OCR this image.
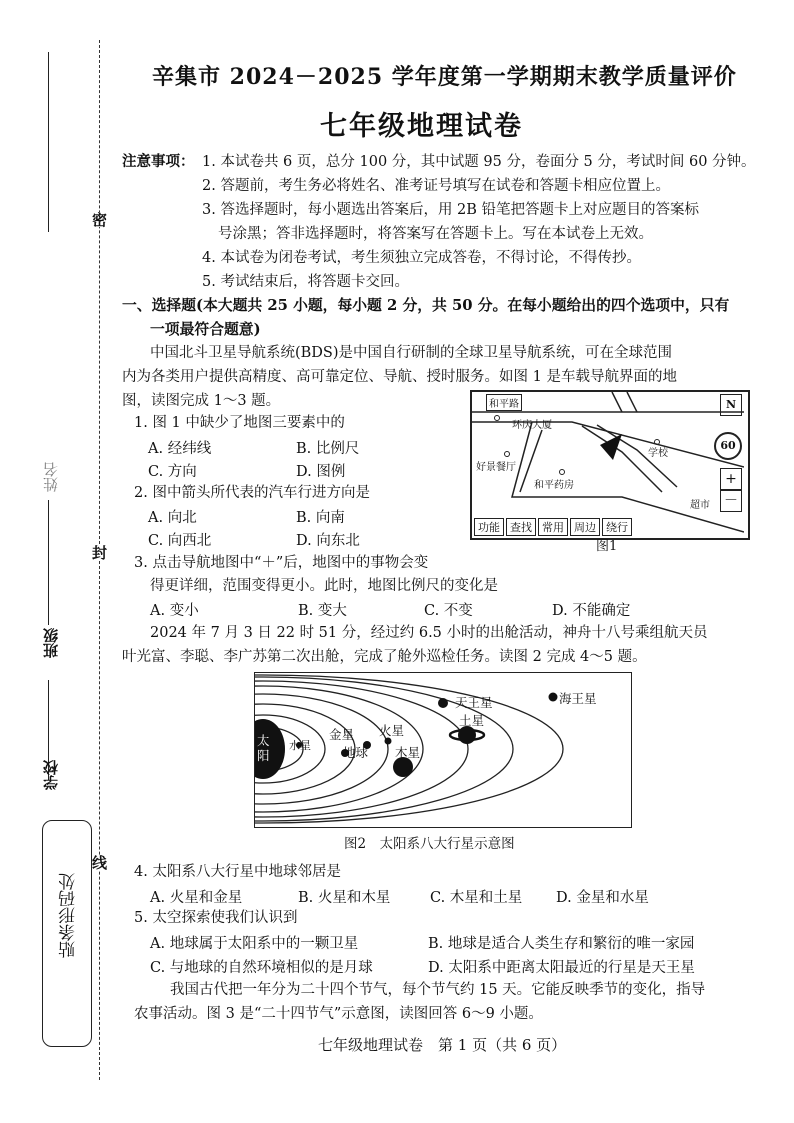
密
封
线
姓名
班级
学校
贴条形码处
辛集市 2024－2025 学年度第一学期期末教学质量评价
七年级地理试卷
注意事项： 1. 本试卷共 6 页，总分 100 分，其中试题 95 分，卷面分 5 分，考试时间 60 分钟。
2. 答题前，考生务必将姓名、准考证号填写在试卷和答题卡相应位置上。
3. 答选择题时，每小题选出答案后，用 2B 铅笔把答题卡上对应题目的答案标
号涂黑；答非选择题时，将答案写在答题卡上。写在本试卷上无效。
4. 本试卷为闭卷考试，考生须独立完成答卷，不得讨论，不得传抄。
5. 考试结束后，将答题卡交回。
一、选择题(本大题共 25 小题，每小题 2 分，共 50 分。在每小题给出的四个选项中，只有
一项最符合题意)
中国北斗卫星导航系统(BDS)是中国自行研制的全球卫星导航系统，可在全球范围
内为各类用户提供高精度、高可靠定位、导航、授时服务。如图 1 是车载导航界面的地
图，读图完成 1～3 题。
1. 图 1 中缺少了地图三要素中的
A. 经纬线	B. 比例尺
C. 方向	D. 图例
2. 图中箭头所代表的汽车行进方向是
A. 向北	B. 向南
C. 向西北	D. 向东北
和平路
环庆大厦
学校
好景餐厅
和平药房
超市
N
60
+
－
功能 查找 常用 周边 绕行
图1
3. 点击导航地图中“＋”后，地图中的事物会变
得更详细，范围变得更小。此时，地图比例尺的变化是
A. 变小	B. 变大	C. 不变	D. 不能确定
2024 年 7 月 3 日 22 时 51 分，经过约 6.5 小时的出舱活动，神舟十八号乘组航天员
叶光富、李聪、李广苏第二次出舱，完成了舱外巡检任务。读图 2 完成 4～5 题。
太阳
水星
金星 火星
地球 木星
土星
天王星	海王星
图2　太阳系八大行星示意图
4. 太阳系八大行星中地球邻居是
A. 火星和金星	B. 火星和木星	C. 木星和土星 D. 金星和水星
5. 太空探索使我们认识到
A. 地球属于太阳系中的一颗卫星	B. 地球是适合人类生存和繁衍的唯一家园
C. 与地球的自然环境相似的是月球	D. 太阳系中距离太阳最近的行星是天王星
我国古代把一年分为二十四个节气，每个节气约 15 天。它能反映季节的变化，指导
农事活动。图 3 是“二十四节气”示意图，读图回答 6～9 小题。
七年级地理试卷　第 1 页（共 6 页）
